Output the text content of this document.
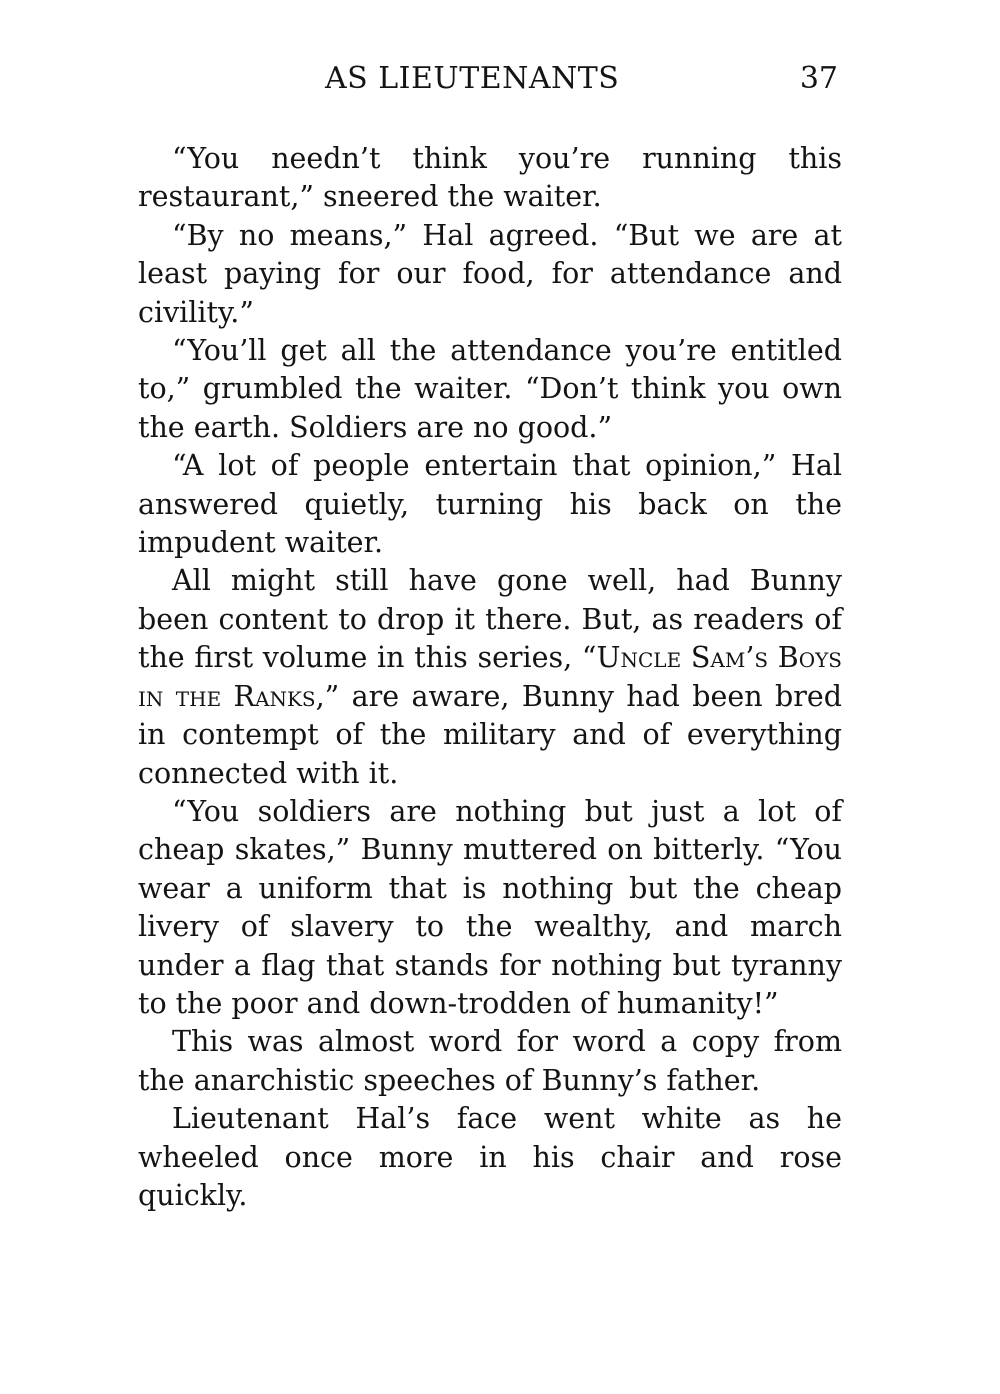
AS LIEUTENANTS	37

“You needn’t think you’re running this restaurant,” sneered the waiter.

“By no means,” Hal agreed. “But we are at least paying for our food, for attendance and civility.”

“You’ll get all the attendance you’re entitled to,” grumbled the waiter. “Don’t think you own the earth. Soldiers are no good.”

“A lot of people entertain that opinion,” Hal answered quietly, turning his back on the impudent waiter.

All might still have gone well, had Bunny been content to drop it there. But, as readers of the first volume in this series, “Uncle Sam’s Boys in the Ranks,” are aware, Bunny had been bred in contempt of the military and of everything connected with it.

“You soldiers are nothing but just a lot of cheap skates,” Bunny muttered on bitterly. “You wear a uniform that is nothing but the cheap livery of slavery to the wealthy, and march under a flag that stands for nothing but tyranny to the poor and down-trodden of humanity!”

This was almost word for word a copy from the anarchistic speeches of Bunny’s father.

Lieutenant Hal’s face went white as he wheeled once more in his chair and rose quickly.
